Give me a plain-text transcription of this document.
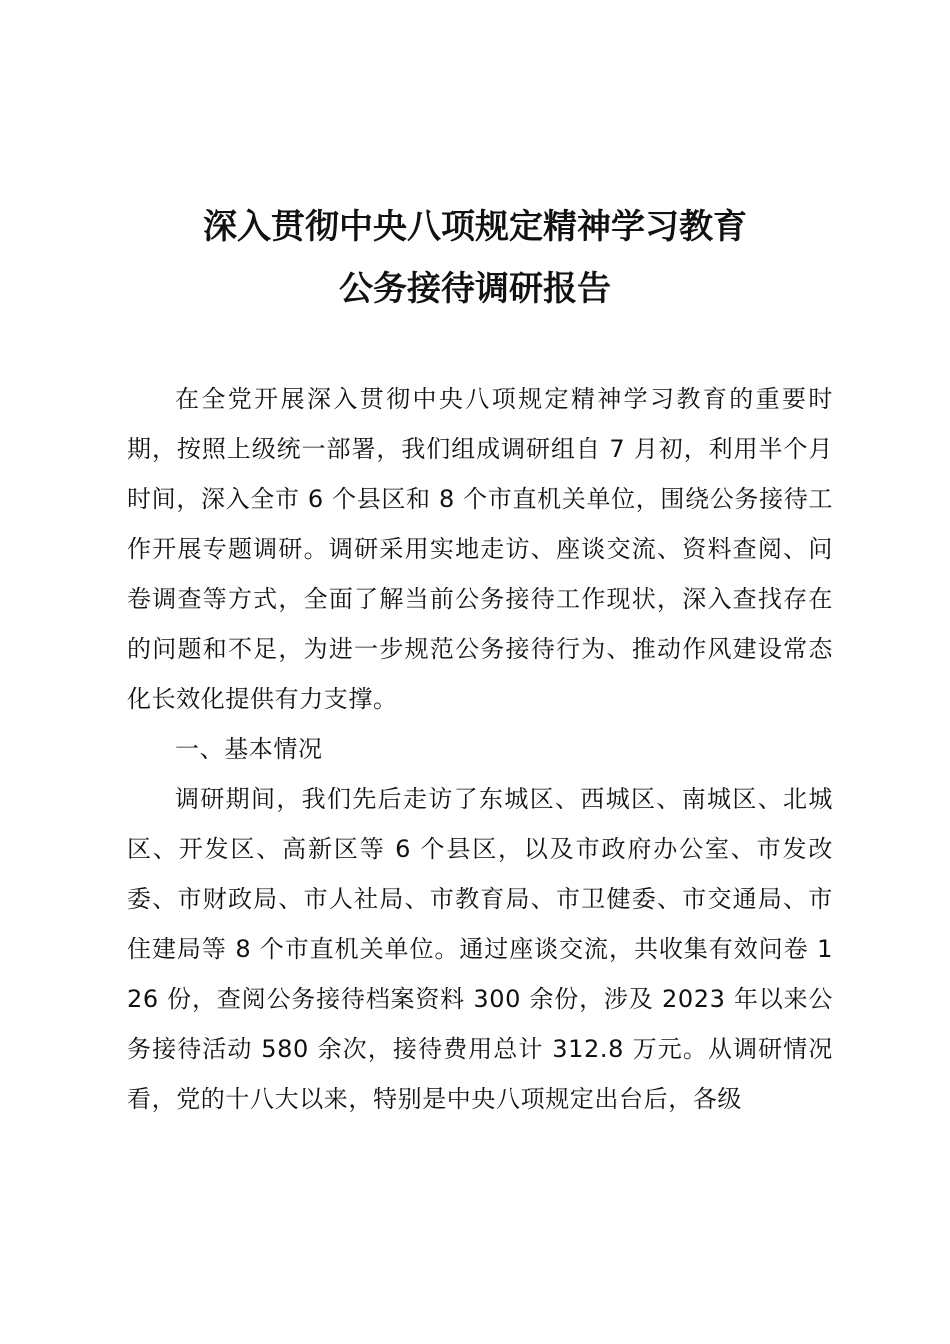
深入贯彻中央八项规定精神学习教育
公务接待调研报告

在全党开展深入贯彻中央八项规定精神学习教育的重要时期，按照上级统一部署，我们组成调研组自 7 月初，利用半个月时间，深入全市 6 个县区和 8 个市直机关单位，围绕公务接待工作开展专题调研。调研采用实地走访、座谈交流、资料查阅、问卷调查等方式，全面了解当前公务接待工作现状，深入查找存在的问题和不足，为进一步规范公务接待行为、推动作风建设常态化长效化提供有力支撑。

一、基本情况

调研期间，我们先后走访了东城区、西城区、南城区、北城区、开发区、高新区等 6 个县区，以及市政府办公室、市发改委、市财政局、市人社局、市教育局、市卫健委、市交通局、市住建局等 8 个市直机关单位。通过座谈交流，共收集有效问卷 126 份，查阅公务接待档案资料 300 余份，涉及 2023 年以来公务接待活动 580 余次，接待费用总计 312.8 万元。从调研情况看，党的十八大以来，特别是中央八项规定出台后，各级
